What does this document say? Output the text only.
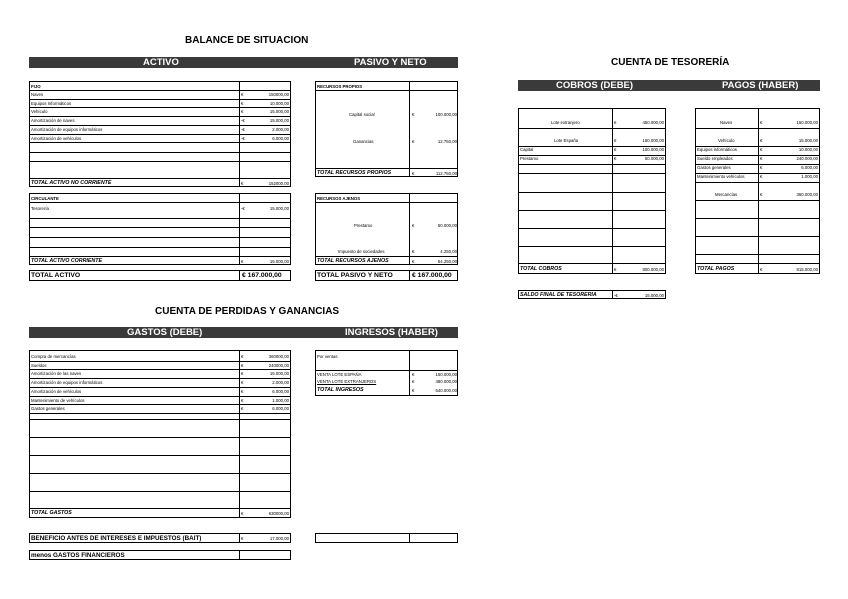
BALANCE DE SITUACION
ACTIVO	PASIVO Y NETO
FIJO
Naves	€	150000,00
Equipos Informáticos	€	10.000,00
Vehículo	€	15.000,00
Amortización de naves	-€	15.000,00
Amortización de equipos informáticos	-€	2.000,00
Amortización de vehículos	-€	6.000,00
TOTAL ACTIVO NO CORRIENTE	€	152000,00
CIRCULANTE
Tesorería	-€	15.000,00
TOTAL ACTIVO CORRIENTE	€	15.000,00
TOTAL ACTIVO	€ 167.000,00
RECURSOS PROPIOS
Capital social	€	100.000,00
Ganancias	€	12.750,00
TOTAL RECURSOS PROPIOS	€	112.750,00
RECURSOS AJENOS
Prestamo	€	50.000,00
Impuesto de sociedades	€	4.250,00
TOTAL RECURSOS AJENOS	€	54.250,00
TOTAL PASIVO Y NETO	€ 167.000,00
CUENTA DE TESORERÍA
COBROS (DEBE)	PAGOS (HABER)
Lote extranjero	€	450.000,00
Lote España	€	160.000,00
Capital	€	100.000,00
Prestamo	€	50.000,00
TOTAL COBROS	€	800.000,00
Naves	€	150.000,00
Vehículo	€	15.000,00
Equipos informáticos	€	10.000,00
Sueldo empleados	€	240.000,00
Gastos generales	€	6.000,00
Mantenimiento vehículos	€	1.000,00
Mercancías	€	360.000,00
TOTAL PAGOS	€	815.000,00
SALDO FINAL DE TESORERIA	-€	15.000,00
CUENTA DE PERDIDAS Y GANANCIAS
GASTOS (DEBE)	INGRESOS (HABER)
Compra de mercancías	€	360000,00
Sueldos	€	240000,00
Amortización de las naves	€	15.000,00
Amortización de equipos informáticos	€	2.000,00
Amortización de vehículos	€	6.000,00
Mantenimiento de vehículos	€	1.000,00
Gastos generales	€	6.000,00
TOTAL GASTOS	€	630000,00
Por ventas
VENTA LOTE ESPAÑA	€	160.000,00
VENTA LOTE EXTRANJEROS	€	480.000,00
TOTAL INGRESOS	€	640.000,00
BENEFICIO ANTES DE INTERESES E IMPUESTOS (BAIT)	€	17.000,00
menos GASTOS FINANCIEROS
